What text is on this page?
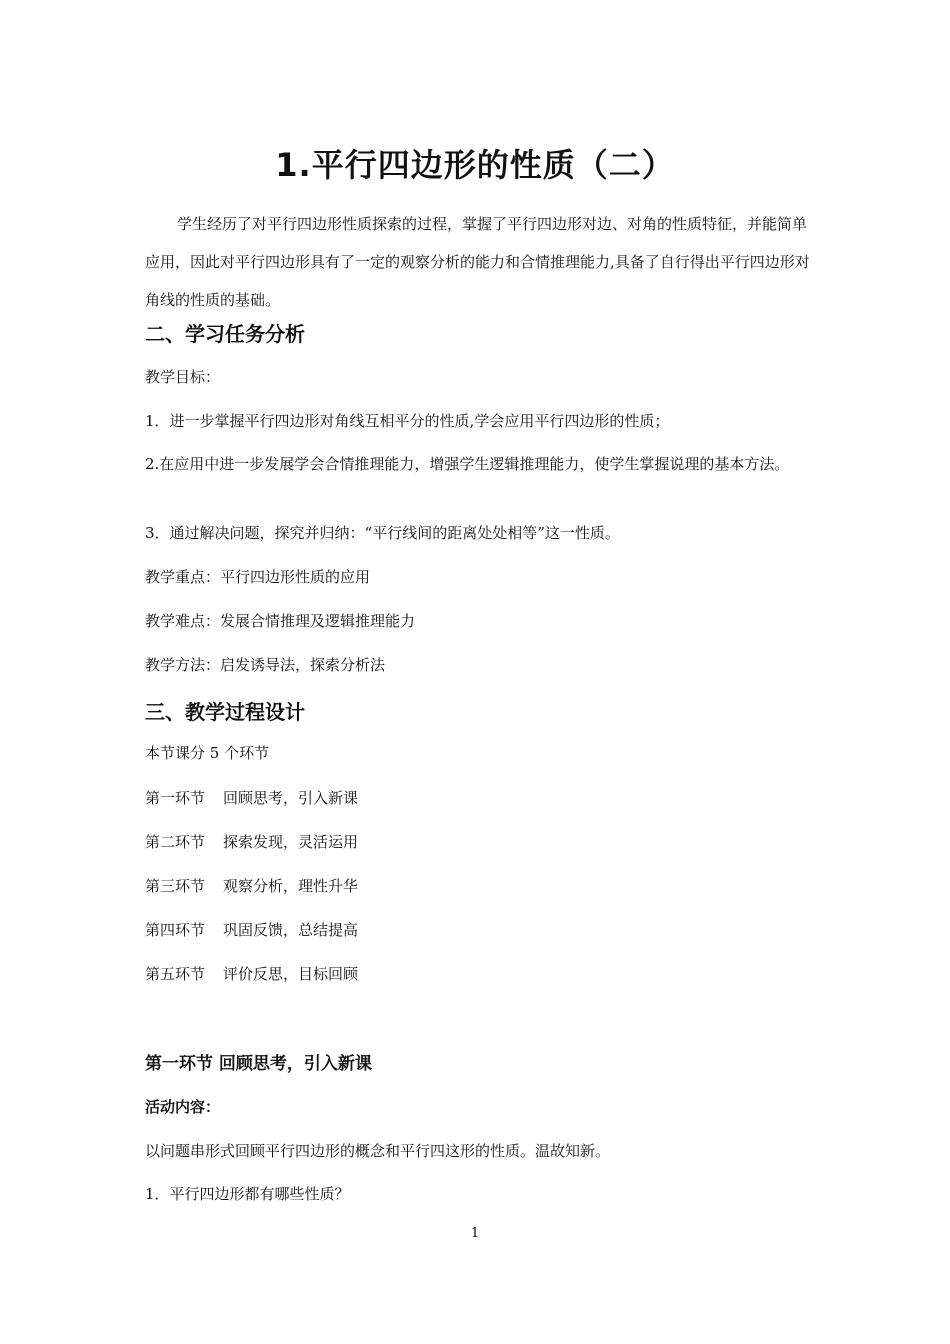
1.平行四边形的性质（二）

学生经历了对平行四边形性质探索的过程，掌握了平行四边形对边、对角的性质特征，并能简单应用，因此对平行四边形具有了一定的观察分析的能力和合情推理能力,具备了自行得出平行四边形对角线的性质的基础。

二、学习任务分析

教学目标：

1．进一步掌握平行四边形对角线互相平分的性质,学会应用平行四边形的性质；

2.在应用中进一步发展学会合情推理能力，增强学生逻辑推理能力，使学生掌握说理的基本方法。

3．通过解决问题，探究并归纳：“平行线间的距离处处相等”这一性质。

教学重点：平行四边形性质的应用

教学难点：发展合情推理及逻辑推理能力

教学方法：启发诱导法，探索分析法

三、教学过程设计

本节课分 5 个环节

第一环节 回顾思考，引入新课
第二环节 探索发现，灵活运用
第三环节 观察分析，理性升华
第四环节 巩固反馈，总结提高
第五环节 评价反思，目标回顾
第一环节 回顾思考，引入新课
活动内容：

以问题串形式回顾平行四边形的概念和平行四这形的性质。温故知新。

1．平行四边形都有哪些性质？

1
